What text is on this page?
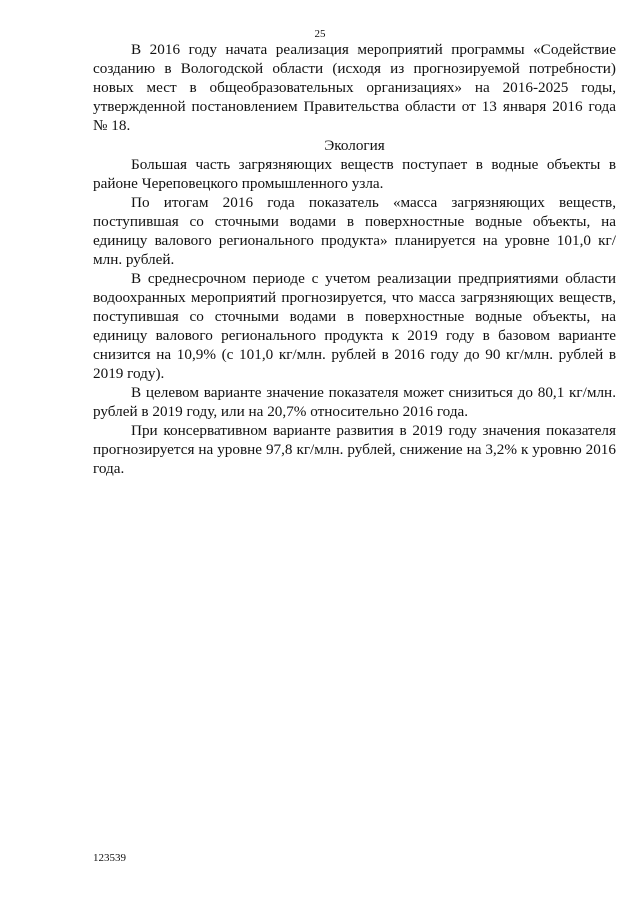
25

В 2016 году начата реализация мероприятий программы «Содействие созданию в Вологодской области (исходя из прогнозируемой потребности) новых мест в общеобразовательных организациях» на 2016-2025 годы, утвержденной постановлением Правительства области от 13 января 2016 года

№ 18.

Экология

Большая часть загрязняющих веществ поступает в водные объекты в районе Череповецкого промышленного узла.

По итогам 2016 года показатель «масса загрязняющих веществ, поступившая со сточными водами в поверхностные водные объекты, на единицу валового регионального продукта» планируется на уровне 101,0 кг/млн. рублей.

В среднесрочном периоде с учетом реализации предприятиями области водоохранных мероприятий прогнозируется, что масса загрязняющих веществ, поступившая со сточными водами в поверхностные водные объекты, на единицу валового регионального продукта к 2019 году в базовом варианте снизится на 10,9% (с 101,0 кг/млн. рублей в 2016 году до 90 кг/млн. рублей в 2019 году).

В целевом варианте значение показателя может снизиться до 80,1 кг/млн. рублей в 2019 году, или на 20,7% относительно 2016 года.

При консервативном варианте развития в 2019 году значения показателя прогнозируется на уровне 97,8 кг/млн. рублей, снижение на 3,2% к уровню 2016 года.

123539
